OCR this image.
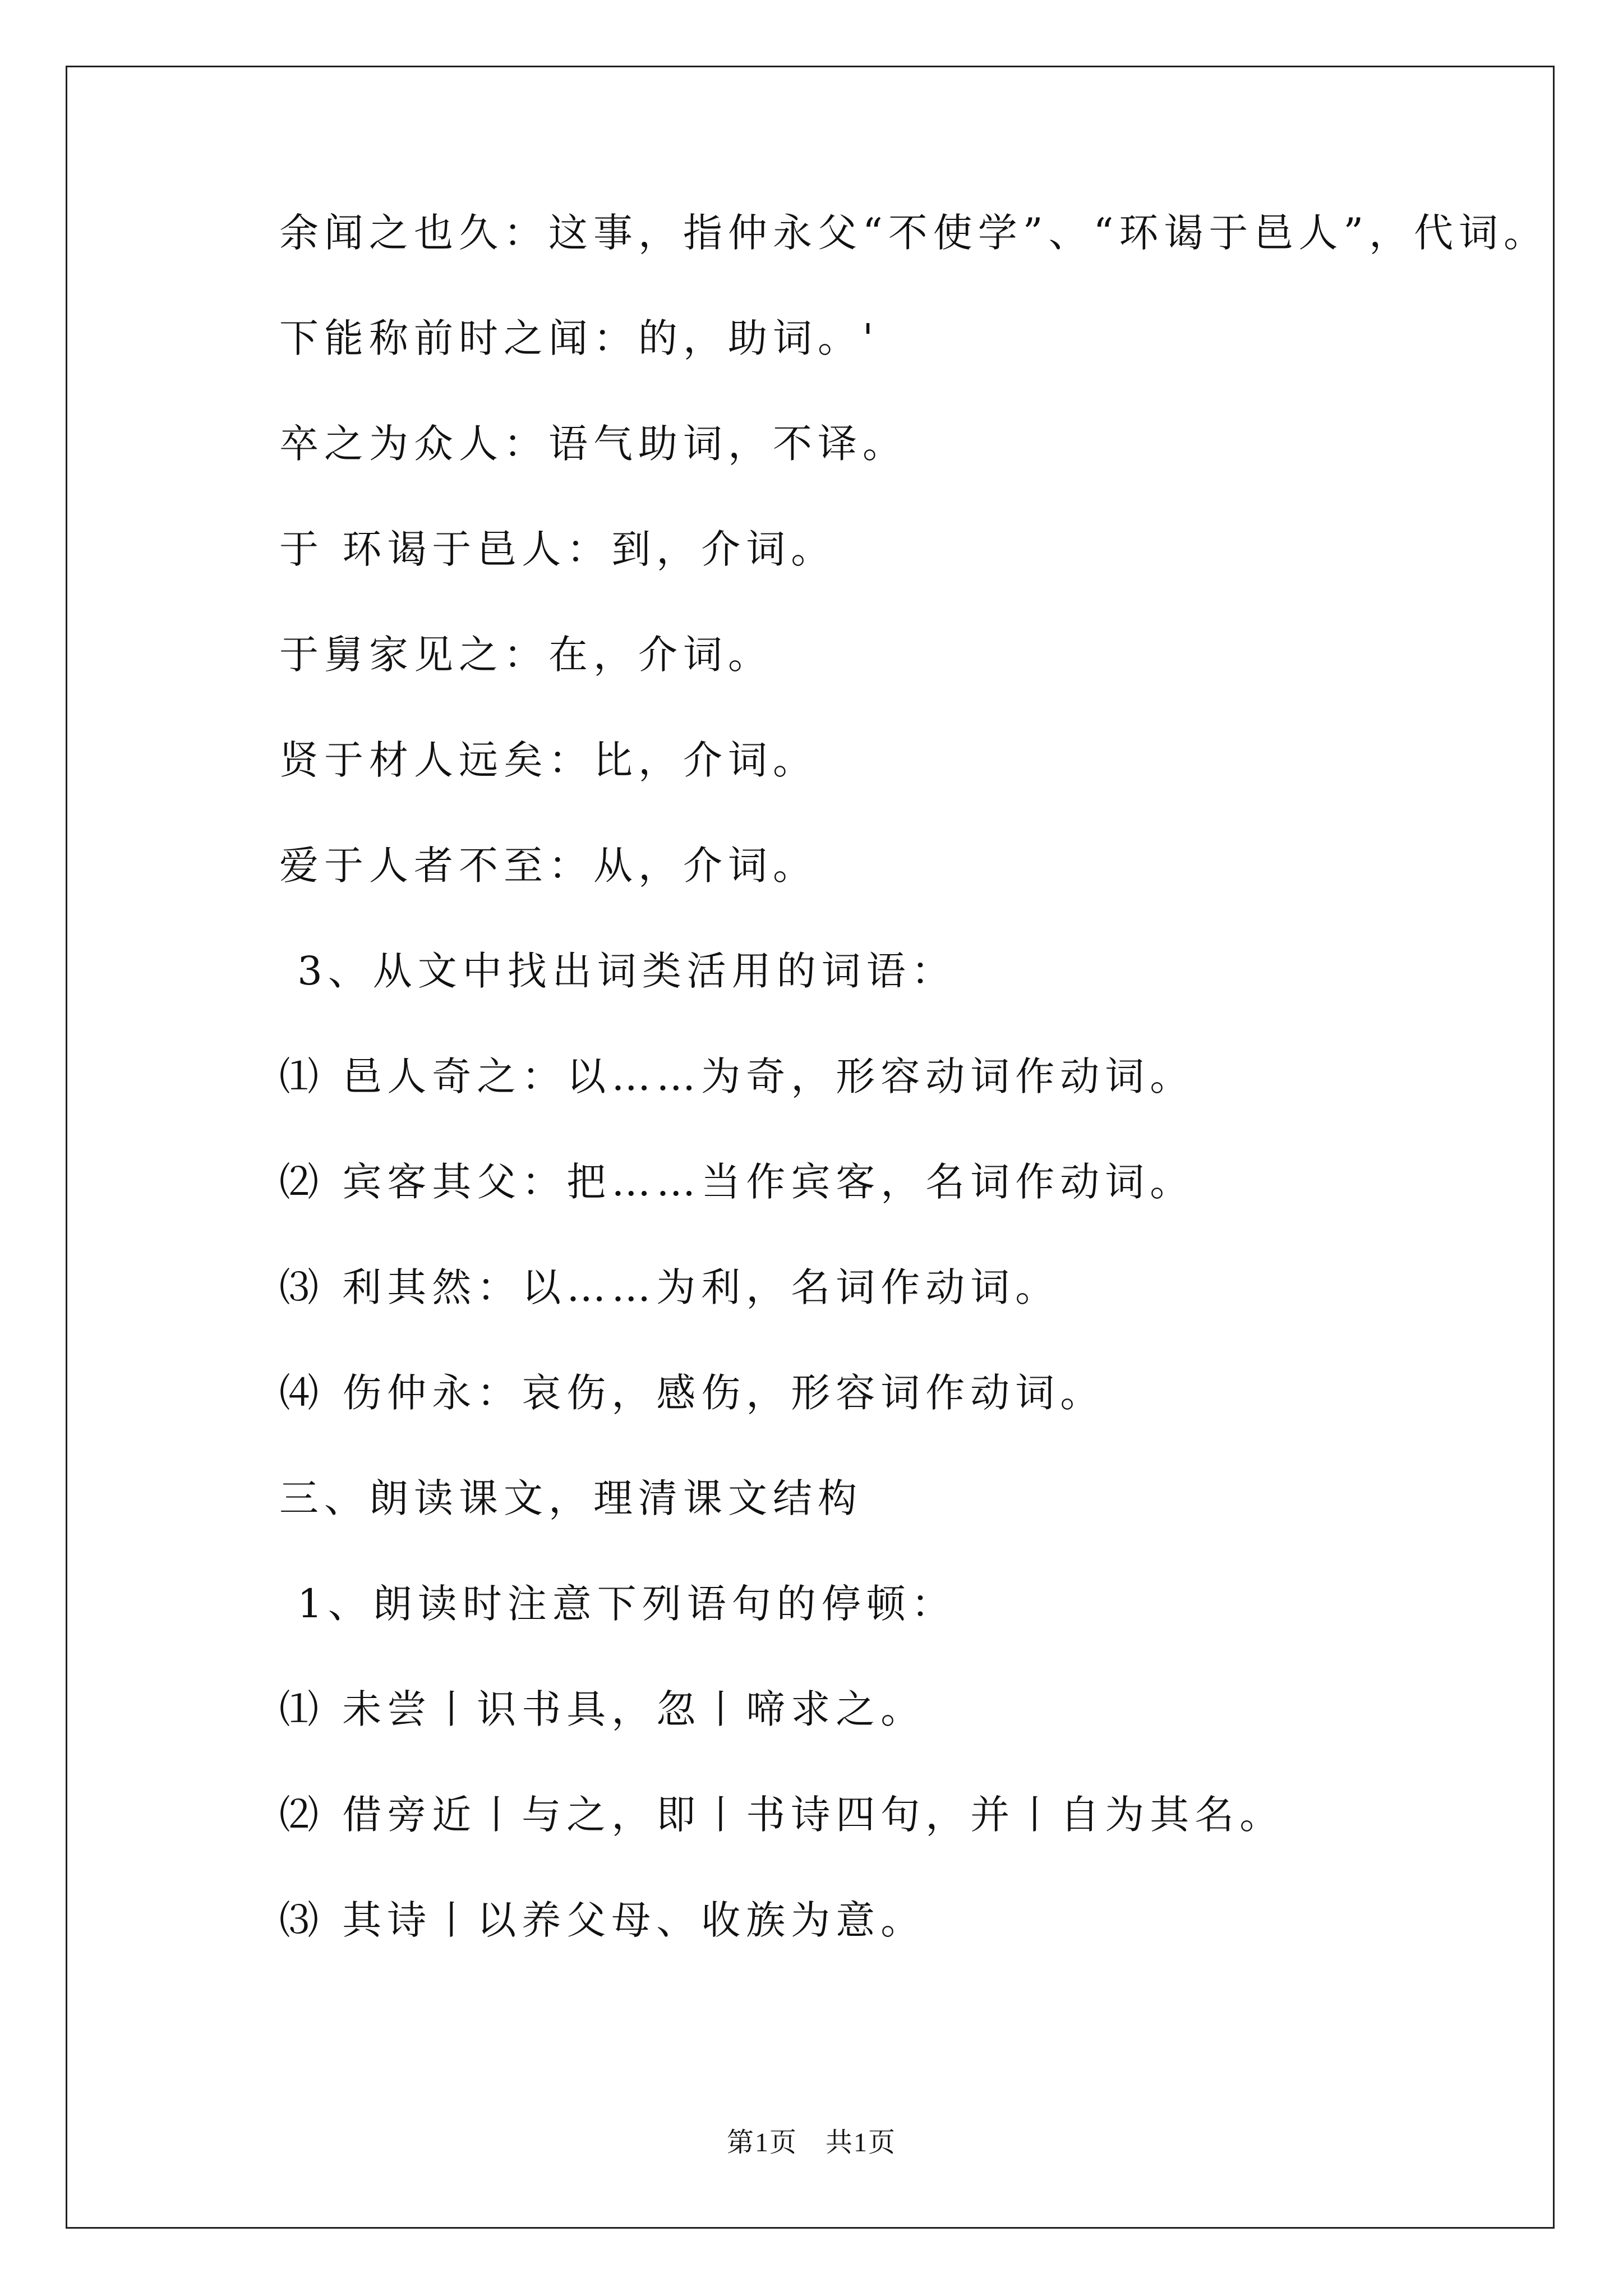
余闻之也久：这事，指仲永父“不使学”、“环谒于邑人”，代词。
下能称前时之闻：的，助词。'
卒之为众人：语气助词，不译。
于 环谒于邑人：到，介词。
于舅家见之：在，介词。
贤于材人远矣：比，介词。
爱于人者不至：从，介词。
3、从文中找出词类活用的词语：
⑴ 邑人奇之：以……为奇，形容动词作动词。
⑵ 宾客其父：把……当作宾客，名词作动词。
⑶ 利其然：以……为利，名词作动词。
⑷ 伤仲永：哀伤，感伤，形容词作动词。
三、朗读课文，理清课文结构
1、朗读时注意下列语句的停顿：
⑴ 未尝丨识书具，忽丨啼求之。
⑵ 借旁近丨与之，即丨书诗四句，并丨自为其名。
⑶ 其诗丨以养父母、收族为意。
第1页　共1页
